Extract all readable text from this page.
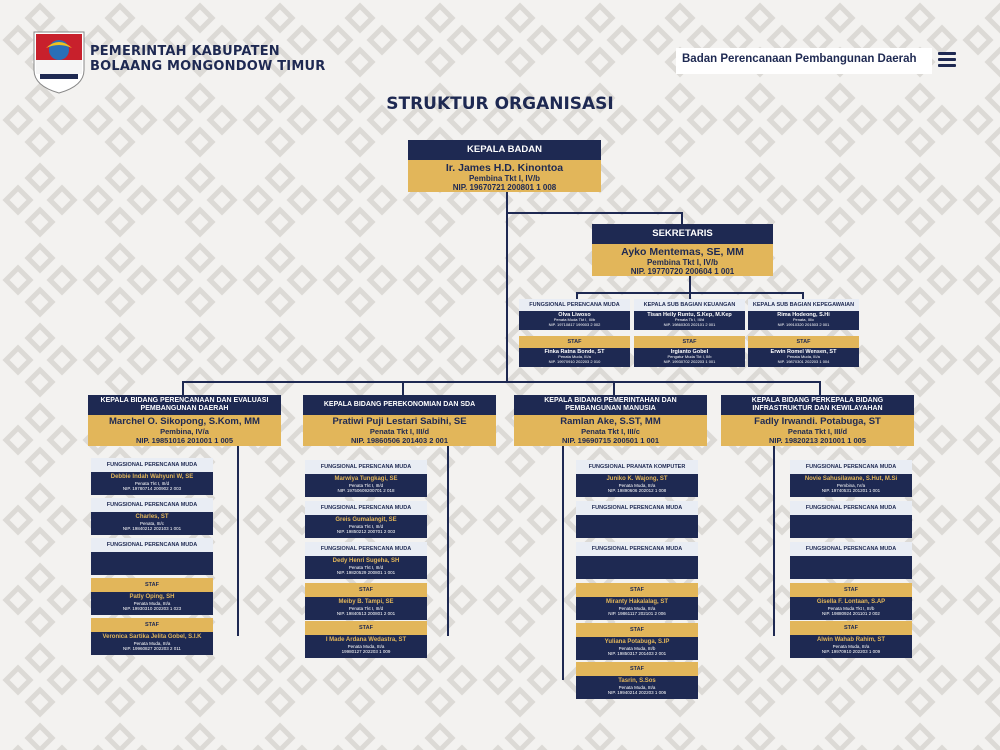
PEMERINTAH KABUPATEN
BOLAANG MONGONDOW TIMUR	Badan Perencanaan Pembangunan Daerah
STRUKTUR ORGANISASI
KEPALA BADAN
Ir. James H.D. Kinontoa
Pembina Tkt I, IV/b
NIP. 19670721 200801 1 008
SEKRETARIS
Ayko Mentemas, SE, MM
Pembina Tkt I, IV/b
NIP. 19770720 200604 1 001
FUNGSIONAL PERENCANA MUDA
Olva Liwoso
Penata Muda Tkt I, III/b
NIP. 19710817 199003 2 002
KEPALA SUB BAGIAN KEUANGAN
Tisan Heily Runtu, S.Kep, M.Kep
Penata Tk I, III/d
NIP. 19860303 202101 2 001
KEPALA SUB BAGIAN KEPEGAWAIAN
Rima Hodeong, S.Hi
Penata, III/c
NIP. 19910320 201503 2 001
STAF
Finka Ratna Bonde, ST
Penata Muda, III/a
NIP. 19970910 202203 2 010
STAF
Irgianto Gobel
Pengatur Muda Tkt I, II/b
NIP. 19930702 202203 1 001
STAF
Erwin Romel Wensen, ST
Penata Muda, III/a
NIP. 19870301 202203 1 004
KEPALA BIDANG PERENCANAAN DAN EVALUASI PEMBANGUNAN DAERAH
Marchel O. Sikopong, S.Kom, MM
Pembina, IV/a
NIP. 19851016 201001 1 005
KEPALA BIDANG PEREKONOMIAN DAN SDA
Pratiwi Puji Lestari Sabihi, SE
Penata Tkt I, III/d
NIP. 19860506 201403 2 001
KEPALA BIDANG PEMERINTAHAN DAN PEMBANGUNAN MANUSIA
Ramlan Ake, S.ST, MM
Penata Tkt I, III/c
NIP. 19690715 200501 1 001
KEPALA BIDANG PERKEPALA BIDANG INFRASTRUKTUR DAN KEWILAYAHAN
Fadly Irwandi. Potabuga, ST
Penata Tkt I, III/d
NIP. 19820213 201001 1 005
FUNGSIONAL PERENCANA MUDA
Debbie Indah Wahyuni W, SE
Penata Tkt I, III/d
NIP. 19780714 200902 2 003
FUNGSIONAL PERENCANA MUDA
Charles, ST
Penata, III/c
NIP. 19840212 202103 1 001
FUNGSIONAL PERENCANA MUDA
STAF
Patly Oping, SH
Penata Muda, III/a
NIP. 19930310 202203 1 023
STAF
Veronica Sartika Jelita Gobel, S.I.K
Penata Muda, III/a
NIP. 19960827 202203 2 011
FUNGSIONAL PERENCANA MUDA
Marwiya Tungkagi, SE
Penata Tkt I, III/d
NIP. 19750609200701 2 018
FUNGSIONAL PERENCANA MUDA
Greis Gumalangit, SE
Penata Tkt I, III/d
NIP. 19850212 200701 2 003
FUNGSIONAL PERENCANA MUDA
Dedy Henri Sugeha, SH
Penata Tkt I, III/d
NIP. 19820529 200801 1 001
STAF
Meiby B. Tampi, SE
Penata Tkt I, III/d
NIP. 19840513 200801 2 001
STAF
I Made Ardana Wedastra, ST
Penata Muda, III/a
19980127 202203 1 009
FUNGSIONAL PRANATA KOMPUTER
Juniko K. Wajong, ST
Penata Muda, III/a
NIP. 19890606 202012 1 008
FUNGSIONAL PERENCANA MUDA
FUNGSIONAL PERENCANA MUDA
STAF
Miranty Hakalalag, ST
Penata Muda, III/a
NIP. 19861117 202101 2 006
STAF
Yuliana Potabuga, S.IP
Penata Muda, III/b
NIP. 19850317 201403 2 001
STAF
Tasrin, S.Sos
Penata Muda, III/a
NIP. 19940214 202203 1 006
FUNGSIONAL PERENCANA MUDA
Novie Sahusilawane, S.Hut, M.Si
Pembina, IV/a
NIP. 19740531 201201 1 001
FUNGSIONAL PERENCANA MUDA
FUNGSIONAL PERENCANA MUDA
STAF
Gisella F. Lontaan, S.AP
Penata Muda Tkt I, III/b
NIP. 19880924 201101 2 002
STAF
Alwin Wahab Rahim, ST
Penata Muda, III/a
NIP. 19970910 202203 1 009
